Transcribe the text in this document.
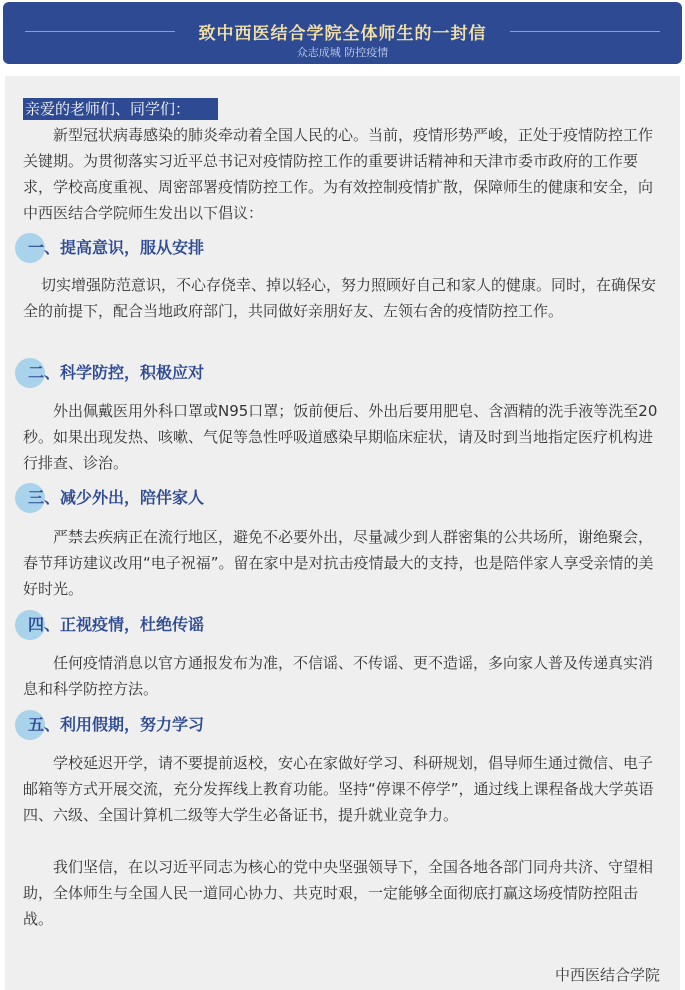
致中西医结合学院全体师生的一封信
众志成城 防控疫情
亲爱的老师们、同学们：
新型冠状病毒感染的肺炎牵动着全国人民的心。当前，疫情形势严峻，正处于疫情防控工作关键期。为贯彻落实习近平总书记对疫情防控工作的重要讲话精神和天津市委市政府的工作要求，学校高度重视、周密部署疫情防控工作。为有效控制疫情扩散，保障师生的健康和安全，向中西医结合学院师生发出以下倡议：
一、提高意识，服从安排
切实增强防范意识，不心存侥幸、掉以轻心，努力照顾好自己和家人的健康。同时，在确保安全的前提下，配合当地政府部门，共同做好亲朋好友、左领右舍的疫情防控工作。
二、科学防控，积极应对
外出佩戴医用外科口罩或N95口罩；饭前便后、外出后要用肥皂、含酒精的洗手液等洗至20秒。如果出现发热、咳嗽、气促等急性呼吸道感染早期临床症状，请及时到当地指定医疗机构进行排查、诊治。
三、减少外出，陪伴家人
严禁去疾病正在流行地区，避免不必要外出，尽量减少到人群密集的公共场所，谢绝聚会，春节拜访建议改用“电子祝福”。留在家中是对抗击疫情最大的支持，也是陪伴家人享受亲情的美好时光。
四、正视疫情，杜绝传谣
任何疫情消息以官方通报发布为准，不信谣、不传谣、更不造谣，多向家人普及传递真实消息和科学防控方法。
五、利用假期，努力学习
学校延迟开学，请不要提前返校，安心在家做好学习、科研规划，倡导师生通过微信、电子邮箱等方式开展交流，充分发挥线上教育功能。坚持“停课不停学”，通过线上课程备战大学英语四、六级、全国计算机二级等大学生必备证书，提升就业竞争力。
我们坚信，在以习近平同志为核心的党中央坚强领导下，全国各地各部门同舟共济、守望相助，全体师生与全国人民一道同心协力、共克时艰，一定能够全面彻底打赢这场疫情防控阻击战。
中西医结合学院
